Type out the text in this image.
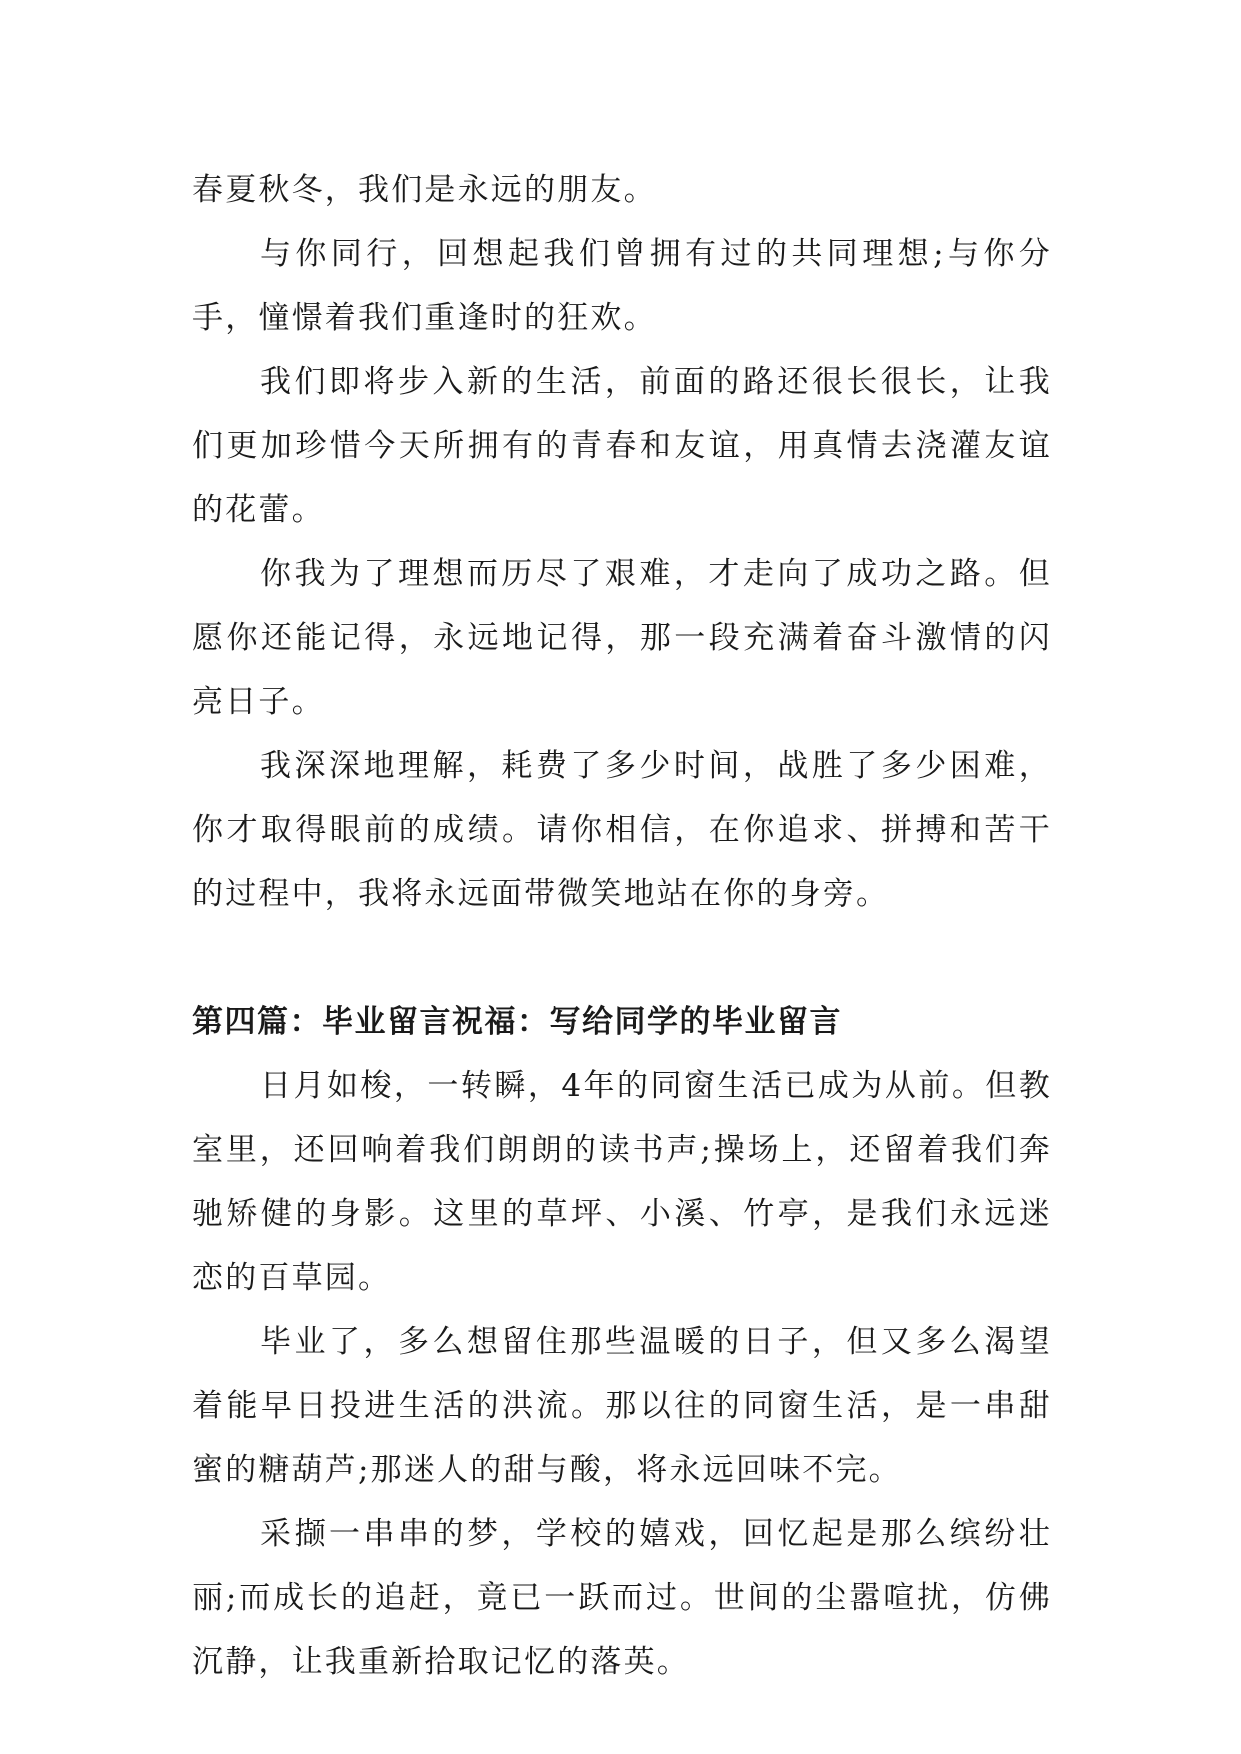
春夏秋冬，我们是永远的朋友。

与你同行，回想起我们曾拥有过的共同理想;与你分手，憧憬着我们重逢时的狂欢。

我们即将步入新的生活，前面的路还很长很长，让我们更加珍惜今天所拥有的青春和友谊，用真情去浇灌友谊的花蕾。

你我为了理想而历尽了艰难，才走向了成功之路。但愿你还能记得，永远地记得，那一段充满着奋斗激情的闪亮日子。

我深深地理解，耗费了多少时间，战胜了多少困难，你才取得眼前的成绩。请你相信，在你追求、拼搏和苦干的过程中，我将永远面带微笑地站在你的身旁。

第四篇：毕业留言祝福：写给同学的毕业留言

日月如梭，一转瞬，4年的同窗生活已成为从前。但教室里，还回响着我们朗朗的读书声;操场上，还留着我们奔驰矫健的身影。这里的草坪、小溪、竹亭，是我们永远迷恋的百草园。

毕业了，多么想留住那些温暖的日子，但又多么渴望着能早日投进生活的洪流。那以往的同窗生活，是一串甜蜜的糖葫芦;那迷人的甜与酸，将永远回味不完。

采撷一串串的梦，学校的嬉戏，回忆起是那么缤纷壮丽;而成长的追赶，竟已一跃而过。世间的尘嚣喧扰，仿佛沉静，让我重新拾取记忆的落英。
